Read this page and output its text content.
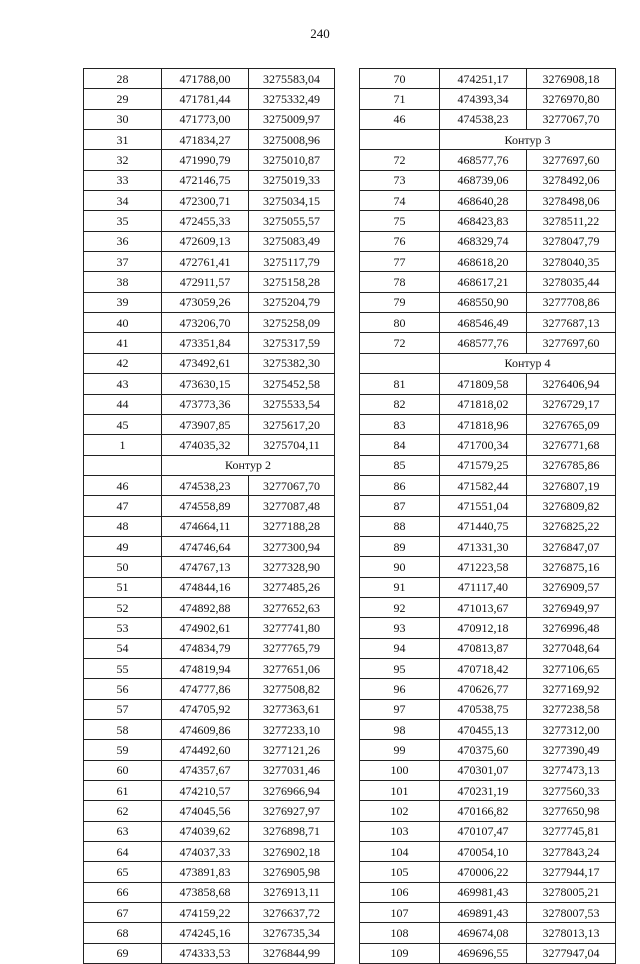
240
28	471788,00	3275583,04
29	471781,44	3275332,49
30	471773,00	3275009,97
31	471834,27	3275008,96
32	471990,79	3275010,87
33	472146,75	3275019,33
34	472300,71	3275034,15
35	472455,33	3275055,57
36	472609,13	3275083,49
37	472761,41	3275117,79
38	472911,57	3275158,28
39	473059,26	3275204,79
40	473206,70	3275258,09
41	473351,84	3275317,59
42	473492,61	3275382,30
43	473630,15	3275452,58
44	473773,36	3275533,54
45	473907,85	3275617,20
1	474035,32	3275704,11
	Контур 2	
46	474538,23	3277067,70
47	474558,89	3277087,48
48	474664,11	3277188,28
49	474746,64	3277300,94
50	474767,13	3277328,90
51	474844,16	3277485,26
52	474892,88	3277652,63
53	474902,61	3277741,80
54	474834,79	3277765,79
55	474819,94	3277651,06
56	474777,86	3277508,82
57	474705,92	3277363,61
58	474609,86	3277233,10
59	474492,60	3277121,26
60	474357,67	3277031,46
61	474210,57	3276966,94
62	474045,56	3276927,97
63	474039,62	3276898,71
64	474037,33	3276902,18
65	473891,83	3276905,98
66	473858,68	3276913,11
67	474159,22	3276637,72
68	474245,16	3276735,34
69	474333,53	3276844,99
70	474251,17	3276908,18
71	474393,34	3276970,80
46	474538,23	3277067,70
	Контур 3	
72	468577,76	3277697,60
73	468739,06	3278492,06
74	468640,28	3278498,06
75	468423,83	3278511,22
76	468329,74	3278047,79
77	468618,20	3278040,35
78	468617,21	3278035,44
79	468550,90	3277708,86
80	468546,49	3277687,13
72	468577,76	3277697,60
	Контур 4	
81	471809,58	3276406,94
82	471818,02	3276729,17
83	471818,96	3276765,09
84	471700,34	3276771,68
85	471579,25	3276785,86
86	471582,44	3276807,19
87	471551,04	3276809,82
88	471440,75	3276825,22
89	471331,30	3276847,07
90	471223,58	3276875,16
91	471117,40	3276909,57
92	471013,67	3276949,97
93	470912,18	3276996,48
94	470813,87	3277048,64
95	470718,42	3277106,65
96	470626,77	3277169,92
97	470538,75	3277238,58
98	470455,13	3277312,00
99	470375,60	3277390,49
100	470301,07	3277473,13
101	470231,19	3277560,33
102	470166,82	3277650,98
103	470107,47	3277745,81
104	470054,10	3277843,24
105	470006,22	3277944,17
106	469981,43	3278005,21
107	469891,43	3278007,53
108	469674,08	3278013,13
109	469696,55	3277947,04
